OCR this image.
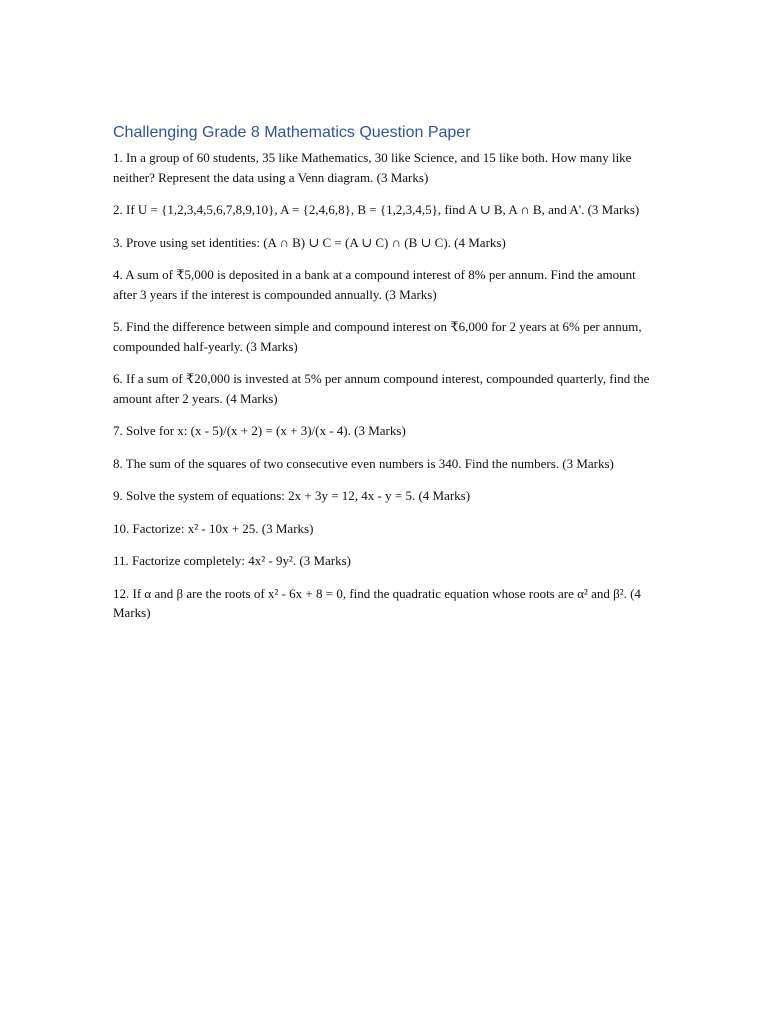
Challenging Grade 8 Mathematics Question Paper

1. In a group of 60 students, 35 like Mathematics, 30 like Science, and 15 like both. How many like neither? Represent the data using a Venn diagram. (3 Marks)

2. If U = {1,2,3,4,5,6,7,8,9,10}, A = {2,4,6,8}, B = {1,2,3,4,5}, find A ∪ B, A ∩ B, and A'. (3 Marks)

3. Prove using set identities: (A ∩ B) ∪ C = (A ∪ C) ∩ (B ∪ C). (4 Marks)

4. A sum of ₹5,000 is deposited in a bank at a compound interest of 8% per annum. Find the amount after 3 years if the interest is compounded annually. (3 Marks)

5. Find the difference between simple and compound interest on ₹6,000 for 2 years at 6% per annum, compounded half-yearly. (3 Marks)

6. If a sum of ₹20,000 is invested at 5% per annum compound interest, compounded quarterly, find the amount after 2 years. (4 Marks)

7. Solve for x: (x - 5)/(x + 2) = (x + 3)/(x - 4). (3 Marks)

8. The sum of the squares of two consecutive even numbers is 340. Find the numbers. (3 Marks)

9. Solve the system of equations: 2x + 3y = 12, 4x - y = 5. (4 Marks)

10. Factorize: x² - 10x + 25. (3 Marks)

11. Factorize completely: 4x² - 9y². (3 Marks)

12. If α and β are the roots of x² - 6x + 8 = 0, find the quadratic equation whose roots are α² and β². (4 Marks)
